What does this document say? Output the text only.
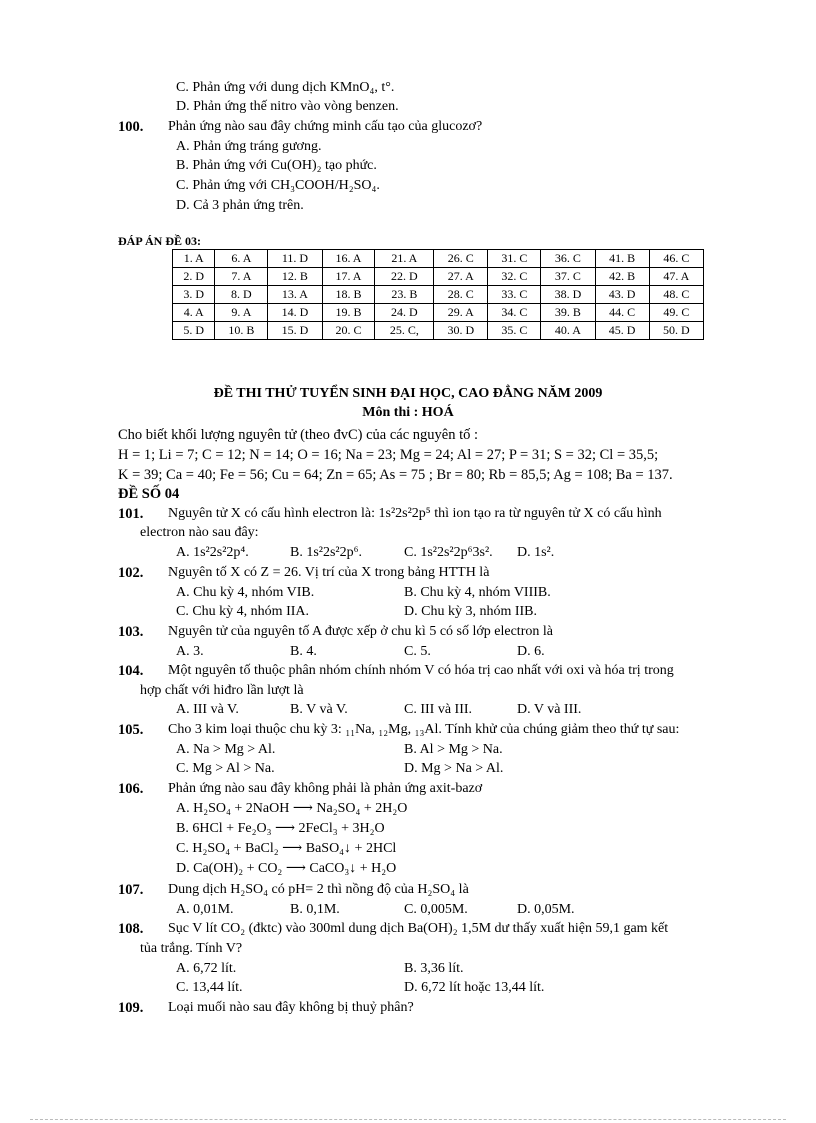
C. Phản ứng với dung dịch KMnO₄, t°.
D. Phản ứng thế nitro vào vòng benzen.
100. Phản ứng nào sau đây chứng minh cấu tạo của glucozơ?
A. Phản ứng tráng gương.
B. Phản ứng với Cu(OH)₂ tạo phức.
C. Phản ứng với CH₃COOH/H₂SO₄.
D. Cả 3 phản ứng trên.
ĐÁP ÁN ĐỀ 03:
1. A	6. A	11. D	16. A	21. A	26. C	31. C	36. C	41. B	46. C
2. D	7. A	12. B	17. A	22. D	27. A	32. C	37. C	42. B	47. A
3. D	8. D	13. A	18. B	23. B	28. C	33. C	38. D	43. D	48. C
4. A	9. A	14. D	19. B	24. D	29. A	34. C	39. B	44. C	49. C
5. D	10. B	15. D	20. C	25. C,	30. D	35. C	40. A	45. D	50. D
ĐỀ THI THỬ TUYỂN SINH ĐẠI HỌC, CAO ĐẲNG NĂM 2009
Môn thi : HOÁ
Cho biết khối lượng nguyên tử (theo đvC) của các nguyên tố :
H = 1; Li = 7; C = 12; N = 14; O = 16; Na = 23; Mg = 24; Al = 27; P = 31; S = 32; Cl = 35,5;
K = 39; Ca = 40; Fe = 56; Cu = 64; Zn = 65; As = 75 ; Br = 80; Rb = 85,5; Ag = 108; Ba = 137.
ĐỀ SỐ 04
101. Nguyên tử X có cấu hình electron là: 1s²2s²2p⁵ thì ion tạo ra từ nguyên tử X có cấu hình
electron nào sau đây:
A. 1s²2s²2p⁴.	B. 1s²2s²2p⁶.	C. 1s²2s²2p⁶3s². D. 1s².
102. Nguyên tố X có Z = 26. Vị trí của X trong bảng HTTH là
A. Chu kỳ 4, nhóm VIB.	B. Chu kỳ 4, nhóm VIIIB.
C. Chu kỳ 4, nhóm IIA.	D. Chu kỳ 3, nhóm IIB.
103. Nguyên tử của nguyên tố A được xếp ở chu kì 5 có số lớp electron là
A. 3.	B. 4.	C. 5.	D. 6.
104. Một nguyên tố thuộc phân nhóm chính nhóm V có hóa trị cao nhất với oxi và hóa trị trong
hợp chất với hiđro lần lượt là
A. III và V.	B. V và V.	C. III và III.	D. V và III.
105. Cho 3 kim loại thuộc chu kỳ 3: ₁₁Na, ₁₂Mg, ₁₃Al. Tính khử của chúng giảm theo thứ tự sau:
A. Na > Mg > Al.	B. Al > Mg > Na.
C. Mg > Al > Na.	D. Mg > Na > Al.
106. Phản ứng nào sau đây không phải là phản ứng axit-bazơ
A. H₂SO₄ + 2NaOH ⟶ Na₂SO₄ + 2H₂O
B. 6HCl + Fe₂O₃ ⟶ 2FeCl₃ + 3H₂O
C. H₂SO₄ + BaCl₂ ⟶ BaSO₄↓ + 2HCl
D. Ca(OH)₂ + CO₂ ⟶ CaCO₃↓ + H₂O
107. Dung dịch H₂SO₄ có pH= 2 thì nồng độ của H₂SO₄ là
A. 0,01M.	B. 0,1M.	C. 0,005M.	D. 0,05M.
108. Sục V lít CO₂ (đktc) vào 300ml dung dịch Ba(OH)₂ 1,5M dư thấy xuất hiện 59,1 gam kết
tủa trắng. Tính V?
A. 6,72 lít.	B. 3,36 lít.
C. 13,44 lít.	D. 6,72 lít hoặc 13,44 lít.
109. Loại muối nào sau đây không bị thuỷ phân?
